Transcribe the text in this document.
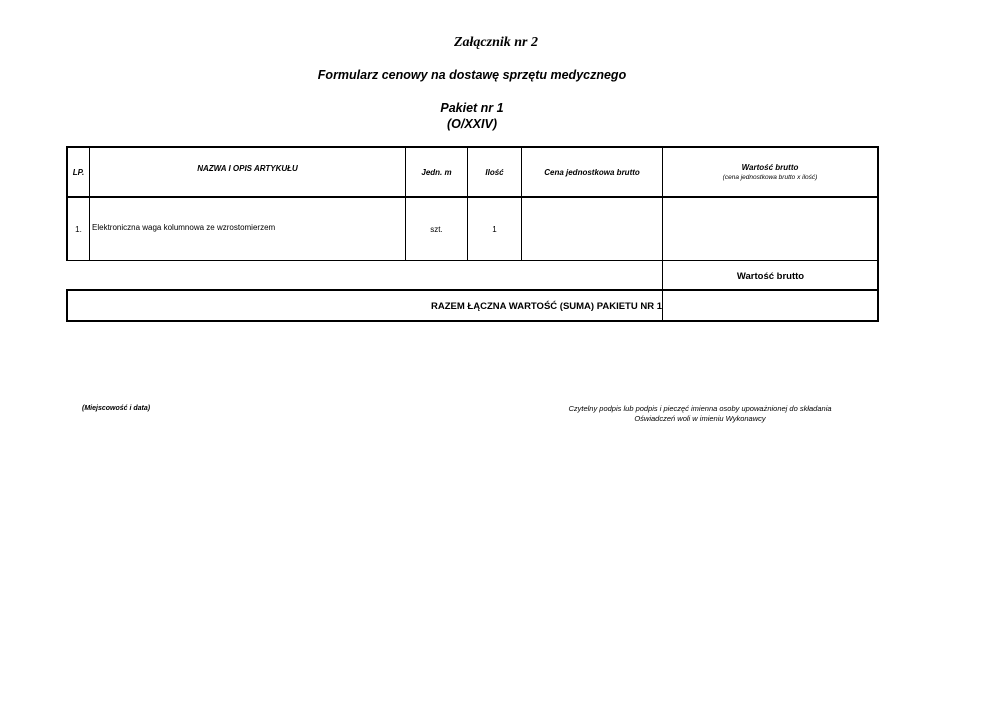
Załącznik nr 2
Formularz cenowy na dostawę sprzętu medycznego
Pakiet nr 1
(O/XXIV)
LP.	NAZWA I OPIS ARTYKUŁU	Jedn. m	Ilość	Cena jednostkowa brutto	Wartość brutto
(cena jednostkowa brutto x ilość)
1.	Elektroniczna waga kolumnowa ze wzrostomierzem	szt.	1
Wartość brutto
RAZEM ŁĄCZNA WARTOŚĆ (SUMA) PAKIETU NR 1
(Miejscowość i data)	Czytelny podpis lub podpis i pieczęć imienna osoby upoważnionej do składania
Oświadczeń woli w imieniu Wykonawcy
